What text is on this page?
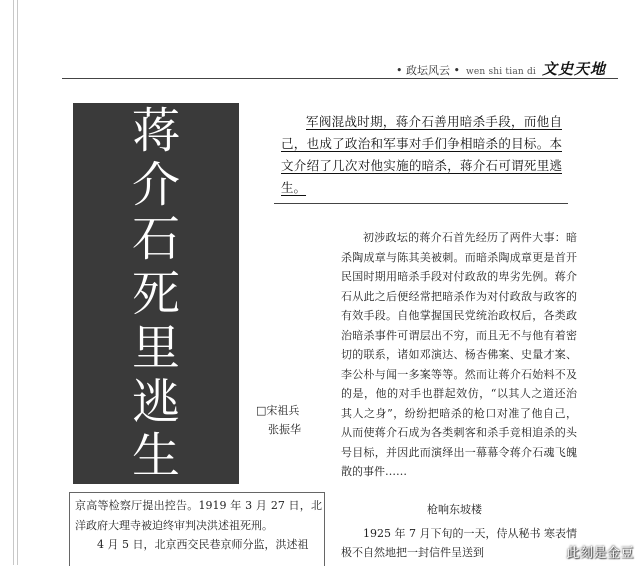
• 政坛风云 • wen shi tian di 文史天地
蒋
介
石
死
里
逃
生
□宋祖兵
张振华
军阀混战时期，蒋介石善用暗杀手段，而他自己，也成了政治和军事对手们争相暗杀的目标。本文介绍了几次对他实施的暗杀，蒋介石可谓死里逃生。
初涉政坛的蒋介石首先经历了两件大事：暗杀陶成章与陈其美被刺。而暗杀陶成章更是首开民国时期用暗杀手段对付政敌的卑劣先例。蒋介石从此之后便经常把暗杀作为对付政敌与政客的有效手段。自他掌握国民党统治政权后，各类政治暗杀事件可谓层出不穷，而且无不与他有着密切的联系，诸如邓演达、杨杏佛案、史量才案、李公朴与闻一多案等等。然而让蒋介石始料不及的是，他的对手也群起效仿，“以其人之道还治其人之身”，纷纷把暗杀的枪口对准了他自己，从而使蒋介石成为各类刺客和杀手竞相追杀的头号目标，并因此而演绎出一幕幕令蒋介石魂飞魄散的事件……
枪响东坡楼
1925 年 7 月下旬的一天，侍从秘书 寒表情极不自然地把一封信件呈送到

京高等检察厅提出控告。1919 年 3 月 27 日，北洋政府大理寺被迫终审判决洪述祖死刑。

4 月 5 日，北京西交民巷京师分监，洪述祖

此刻是金豆
